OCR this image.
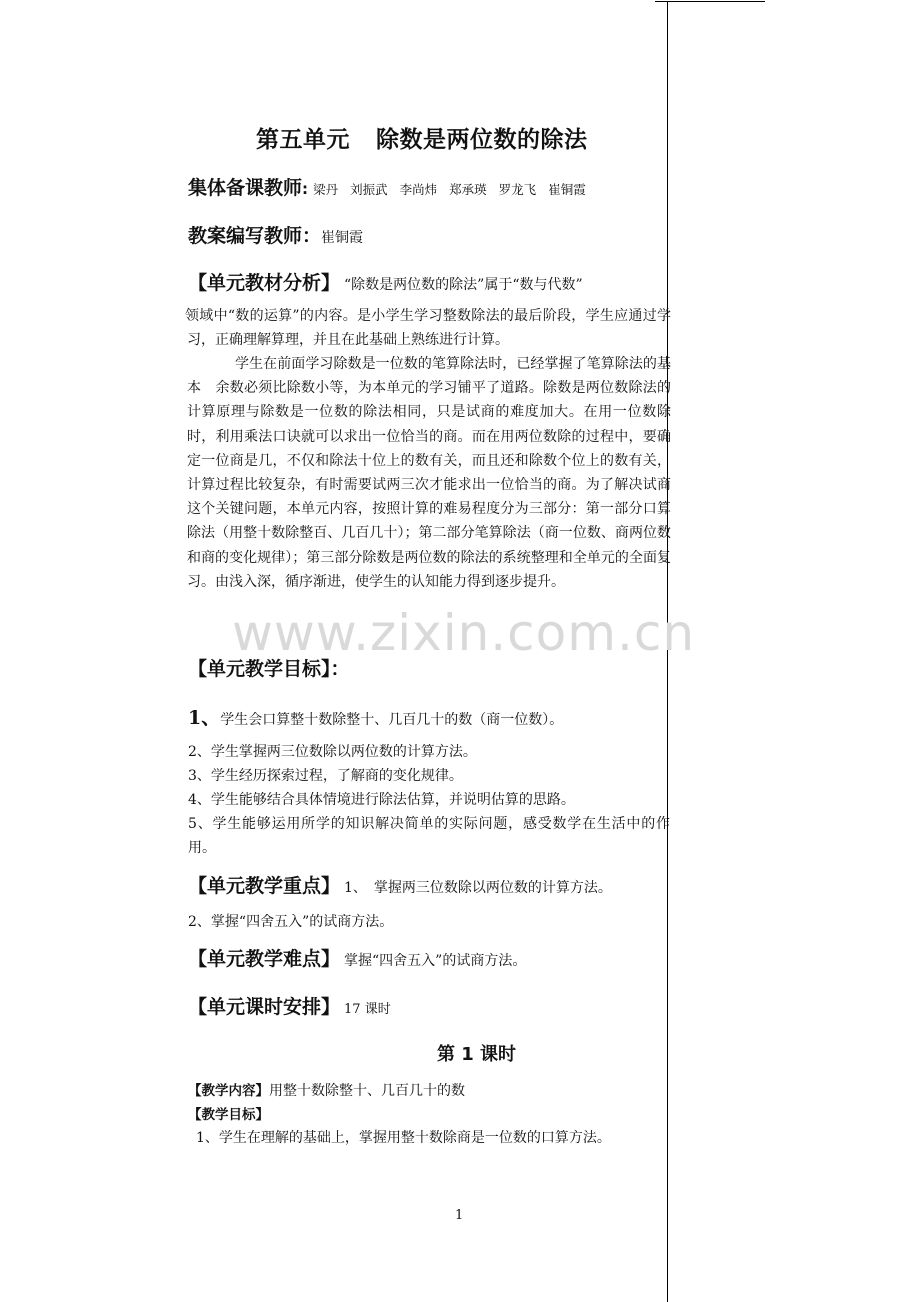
www.zixin.com.cn
第五单元 除数是两位数的除法
集体备课教师: 梁丹 刘振武 李尚炜 郑承瑛 罗龙飞 崔铜霞
教案编写教师：崔铜霞
【单元教材分析】 “除数是两位数的除法”属于“数与代数”

领域中“数的运算”的内容。是小学生学习整数除法的最后阶段，学生应通过学习，正确理解算理，并且在此基础上熟练进行计算。

学生在前面学习除数是一位数的笔算除法时，已经掌握了笔算除法的基本　余数必须比除数小等，为本单元的学习铺平了道路。除数是两位数除法的计算原理与除数是一位数的除法相同，只是试商的难度加大。在用一位数除时，利用乘法口诀就可以求出一位恰当的商。而在用两位数除的过程中，要确定一位商是几，不仅和除法十位上的数有关，而且还和除数个位上的数有关，计算过程比较复杂，有时需要试两三次才能求出一位恰当的商。为了解决试商这个关键问题，本单元内容，按照计算的难易程度分为三部分：第一部分口算除法（用整十数除整百、几百几十）；第二部分笔算除法（商一位数、商两位数和商的变化规律）；第三部分除数是两位数的除法的系统整理和全单元的全面复习。由浅入深，循序渐进，使学生的认知能力得到逐步提升。

【单元教学目标】：
1、学生会口算整十数除整十、几百几十的数（商一位数）。
2、学生掌握两三位数除以两位数的计算方法。
3、学生经历探索过程，了解商的变化规律。
4、学生能够结合具体情境进行除法估算，并说明估算的思路。

5、学生能够运用所学的知识解决简单的实际问题，感受数学在生活中的作用。

【单元教学重点】 1、　掌握两三位数除以两位数的计算方法。
2、掌握“四舍五入”的试商方法。
【单元教学难点】 掌握“四舍五入”的试商方法。
【单元课时安排】 17 课时
第 1 课时
【教学内容】用整十数除整十、几百几十的数
【教学目标】
1、学生在理解的基础上，掌握用整十数除商是一位数的口算方法。
1
